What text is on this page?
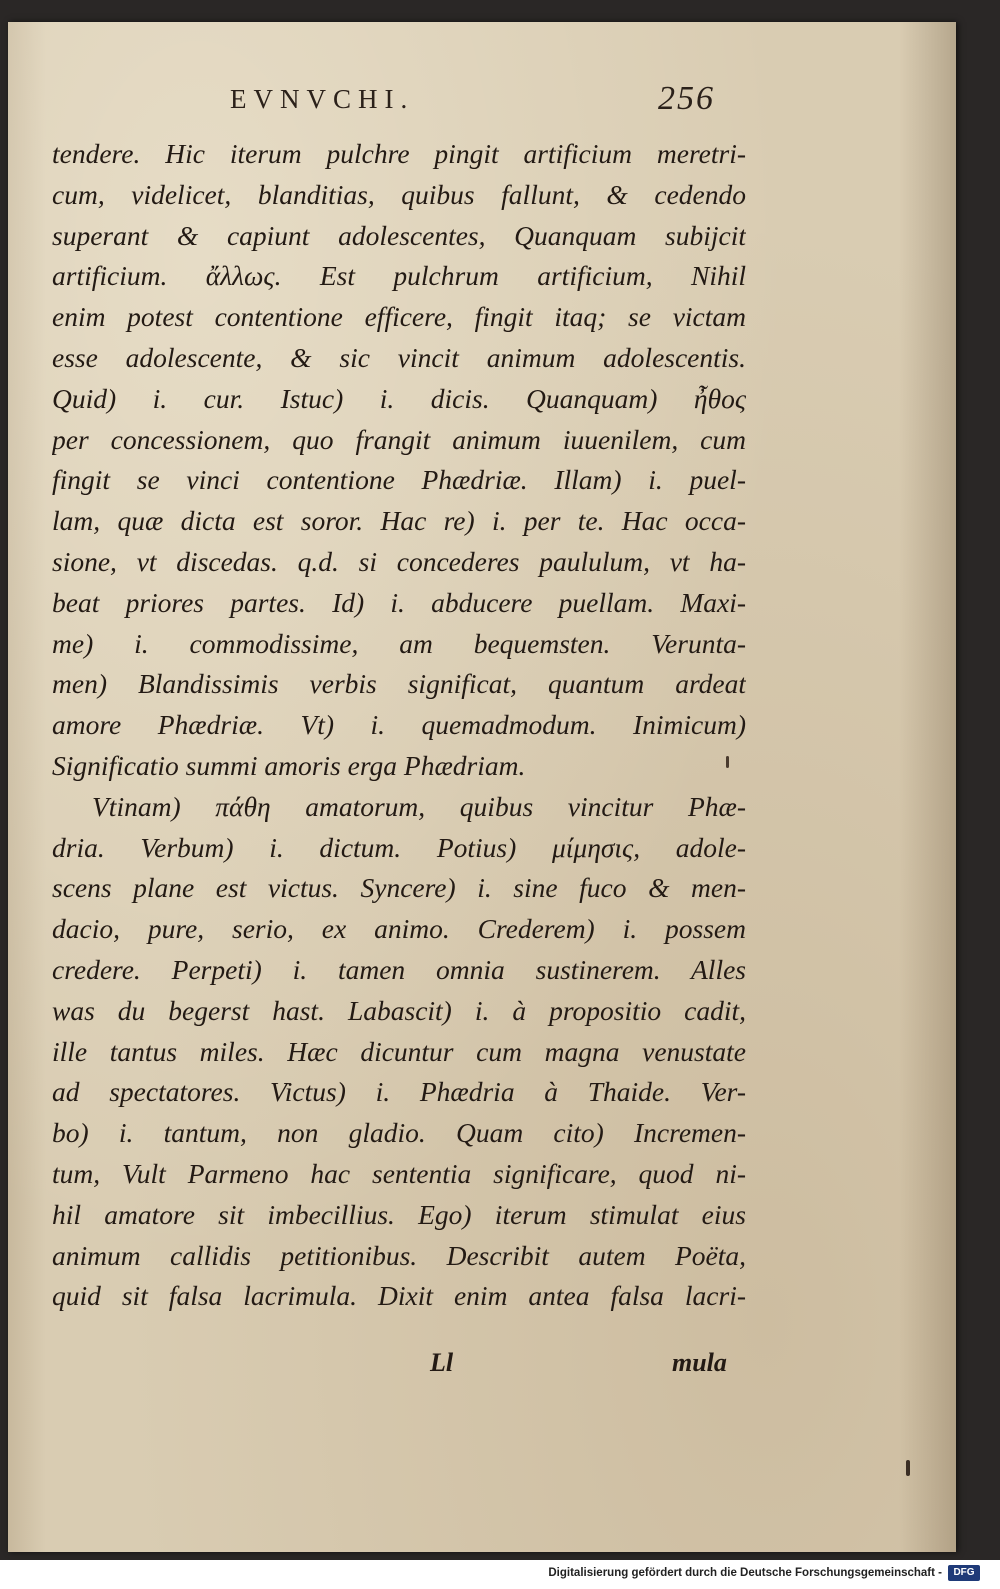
EVNVCHI.	256
tendere. Hic iterum pulchre pingit artificium meretri-
cum, videlicet, blanditias, quibus fallunt, & cedendo
superant & capiunt adolescentes, Quanquam subijcit
artificium. ἄλλως. Est pulchrum artificium, Nihil
enim potest contentione efficere, fingit itaq; se victam
esse adolescente, & sic vincit animum adolescentis.
Quid) i. cur. Istuc) i. dicis. Quanquam) ἦθος
per concessionem, quo frangit animum iuuenilem, cum
fingit se vinci contentione Phædriæ. Illam) i. puel-
lam, quæ dicta est soror. Hac re) i. per te. Hac occa-
sione, vt discedas. q.d. si concederes paululum, vt ha-
beat priores partes. Id) i. abducere puellam. Maxi-
me) i. commodissime, am bequemsten. Verunta-
men) Blandissimis verbis significat, quantum ardeat
amore Phædriæ. Vt) i. quemadmodum. Inimicum)
Significatio summi amoris erga Phædriam.
Vtinam) πάθη amatorum, quibus vincitur Phæ-
dria. Verbum) i. dictum. Potius) μίμησις, adole-
scens plane est victus. Syncere) i. sine fuco & men-
dacio, pure, serio, ex animo. Crederem) i. possem
credere. Perpeti) i. tamen omnia sustinerem. Alles
was du begerst hast. Labascit) i. à propositio cadit,
ille tantus miles. Hæc dicuntur cum magna venustate
ad spectatores. Victus) i. Phædria à Thaide. Ver-
bo) i. tantum, non gladio. Quam cito) Incremen-
tum, Vult Parmeno hac sententia significare, quod ni-
hil amatore sit imbecillius. Ego) iterum stimulat eius
animum callidis petitionibus. Describit autem Poëta,
quid sit falsa lacrimula. Dixit enim antea falsa lacri-
Ll	mula
Digitalisierung gefördert durch die Deutsche Forschungsgemeinschaft -	DFG
